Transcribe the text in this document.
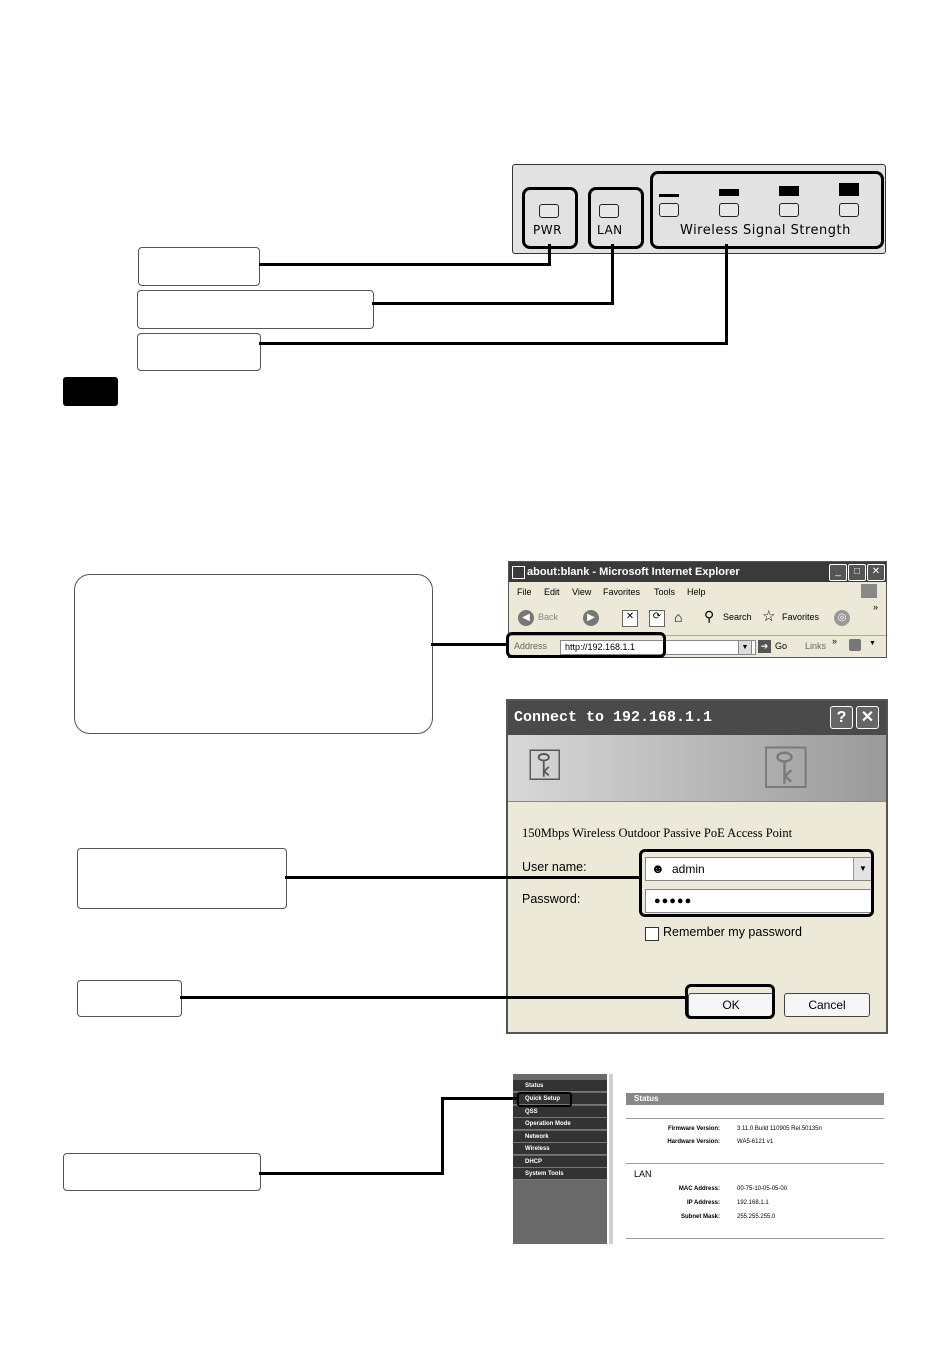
PWR	LAN	Wireless Signal Strength
about:blank - Microsoft Internet Explorer	_	□	✕
File Edit View Favorites Tools Help
◀ Back	▶	✕	⟳ ⌂ ⚲ Search ☆ Favorites	◎
»
Address	http://192.168.1.1	▼	➔ Go Links »	▼
Connect to 192.168.1.1	? ✕
⚿	⚿
150Mbps Wireless Outdoor Passive PoE Access Point
User name:	☻ admin	▼
Password:	●●●●●
Remember my password
OK	Cancel
Status
Quick Setup
QSS
Operation Mode
Network
Wireless
DHCP
System Tools
Status
Firmware Version:	3.11.0 Build 110905 Rel.50135n
Hardware Version:	WA5-6121 v1
LAN
MAC Address:	00-75-10-05-05-00
IP Address:	192.168.1.1
Subnet Mask:	255.255.255.0
